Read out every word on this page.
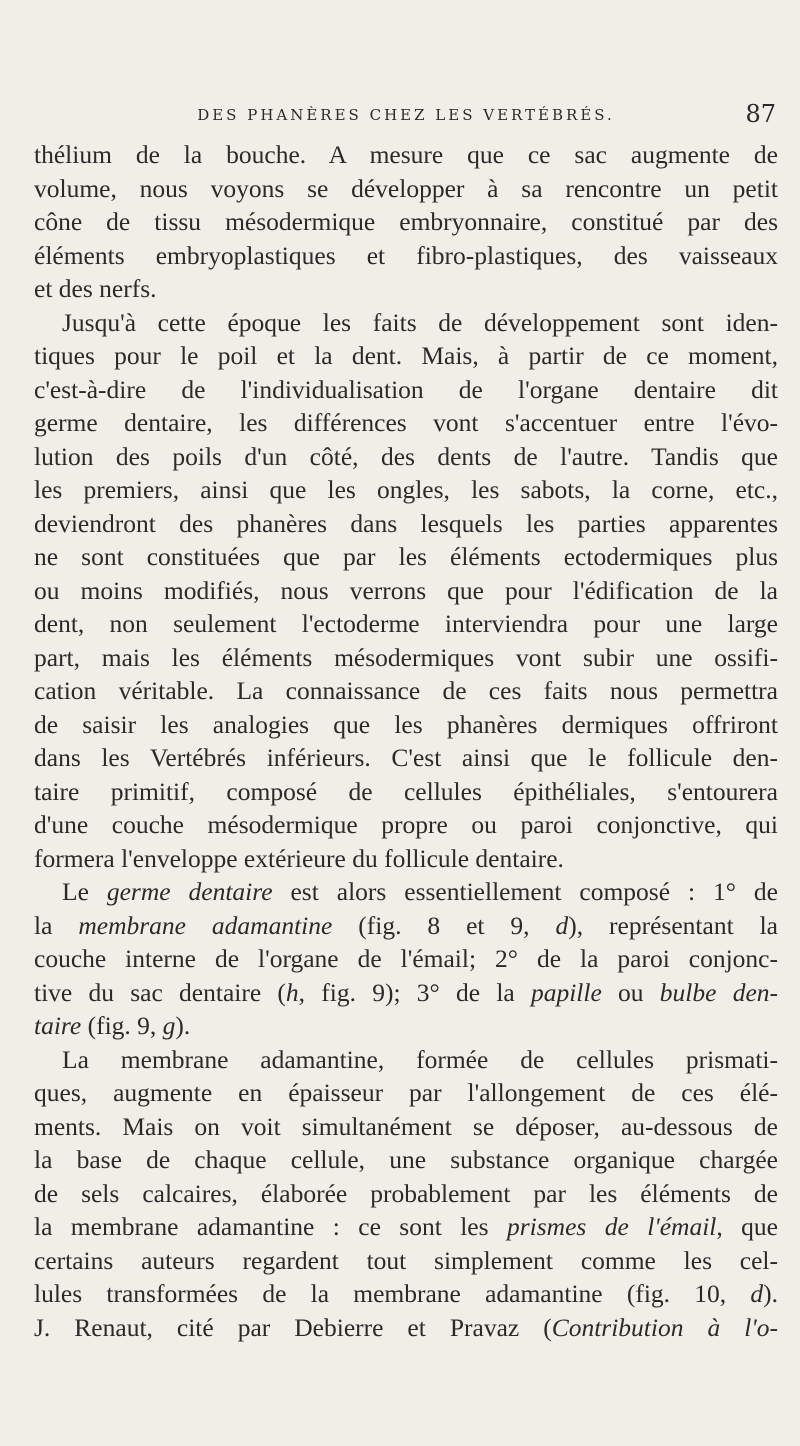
DES PHANÈRES CHEZ LES VERTÉBRÉS.	87
thélium de la bouche. A mesure que ce sac augmente de
volume, nous voyons se développer à sa rencontre un petit
cône de tissu mésodermique embryonnaire, constitué par des
éléments embryoplastiques et fibro-plastiques, des vaisseaux
et des nerfs.
Jusqu'à cette époque les faits de développement sont iden-
tiques pour le poil et la dent. Mais, à partir de ce moment,
c'est-à-dire de l'individualisation de l'organe dentaire dit
germe dentaire, les différences vont s'accentuer entre l'évo-
lution des poils d'un côté, des dents de l'autre. Tandis que
les premiers, ainsi que les ongles, les sabots, la corne, etc.,
deviendront des phanères dans lesquels les parties apparentes
ne sont constituées que par les éléments ectodermiques plus
ou moins modifiés, nous verrons que pour l'édification de la
dent, non seulement l'ectoderme interviendra pour une large
part, mais les éléments mésodermiques vont subir une ossifi-
cation véritable. La connaissance de ces faits nous permettra
de saisir les analogies que les phanères dermiques offriront
dans les Vertébrés inférieurs. C'est ainsi que le follicule den-
taire primitif, composé de cellules épithéliales, s'entourera
d'une couche mésodermique propre ou paroi conjonctive, qui
formera l'enveloppe extérieure du follicule dentaire.
Le germe dentaire est alors essentiellement composé : 1° de
la membrane adamantine (fig. 8 et 9, d), représentant la
couche interne de l'organe de l'émail; 2° de la paroi conjonc-
tive du sac dentaire (h, fig. 9); 3° de la papille ou bulbe den-
taire (fig. 9, g).
La membrane adamantine, formée de cellules prismati-
ques, augmente en épaisseur par l'allongement de ces élé-
ments. Mais on voit simultanément se déposer, au-dessous de
la base de chaque cellule, une substance organique chargée
de sels calcaires, élaborée probablement par les éléments de
la membrane adamantine : ce sont les prismes de l'émail, que
certains auteurs regardent tout simplement comme les cel-
lules transformées de la membrane adamantine (fig. 10, d).
J. Renaut, cité par Debierre et Pravaz (Contribution à l'o-
